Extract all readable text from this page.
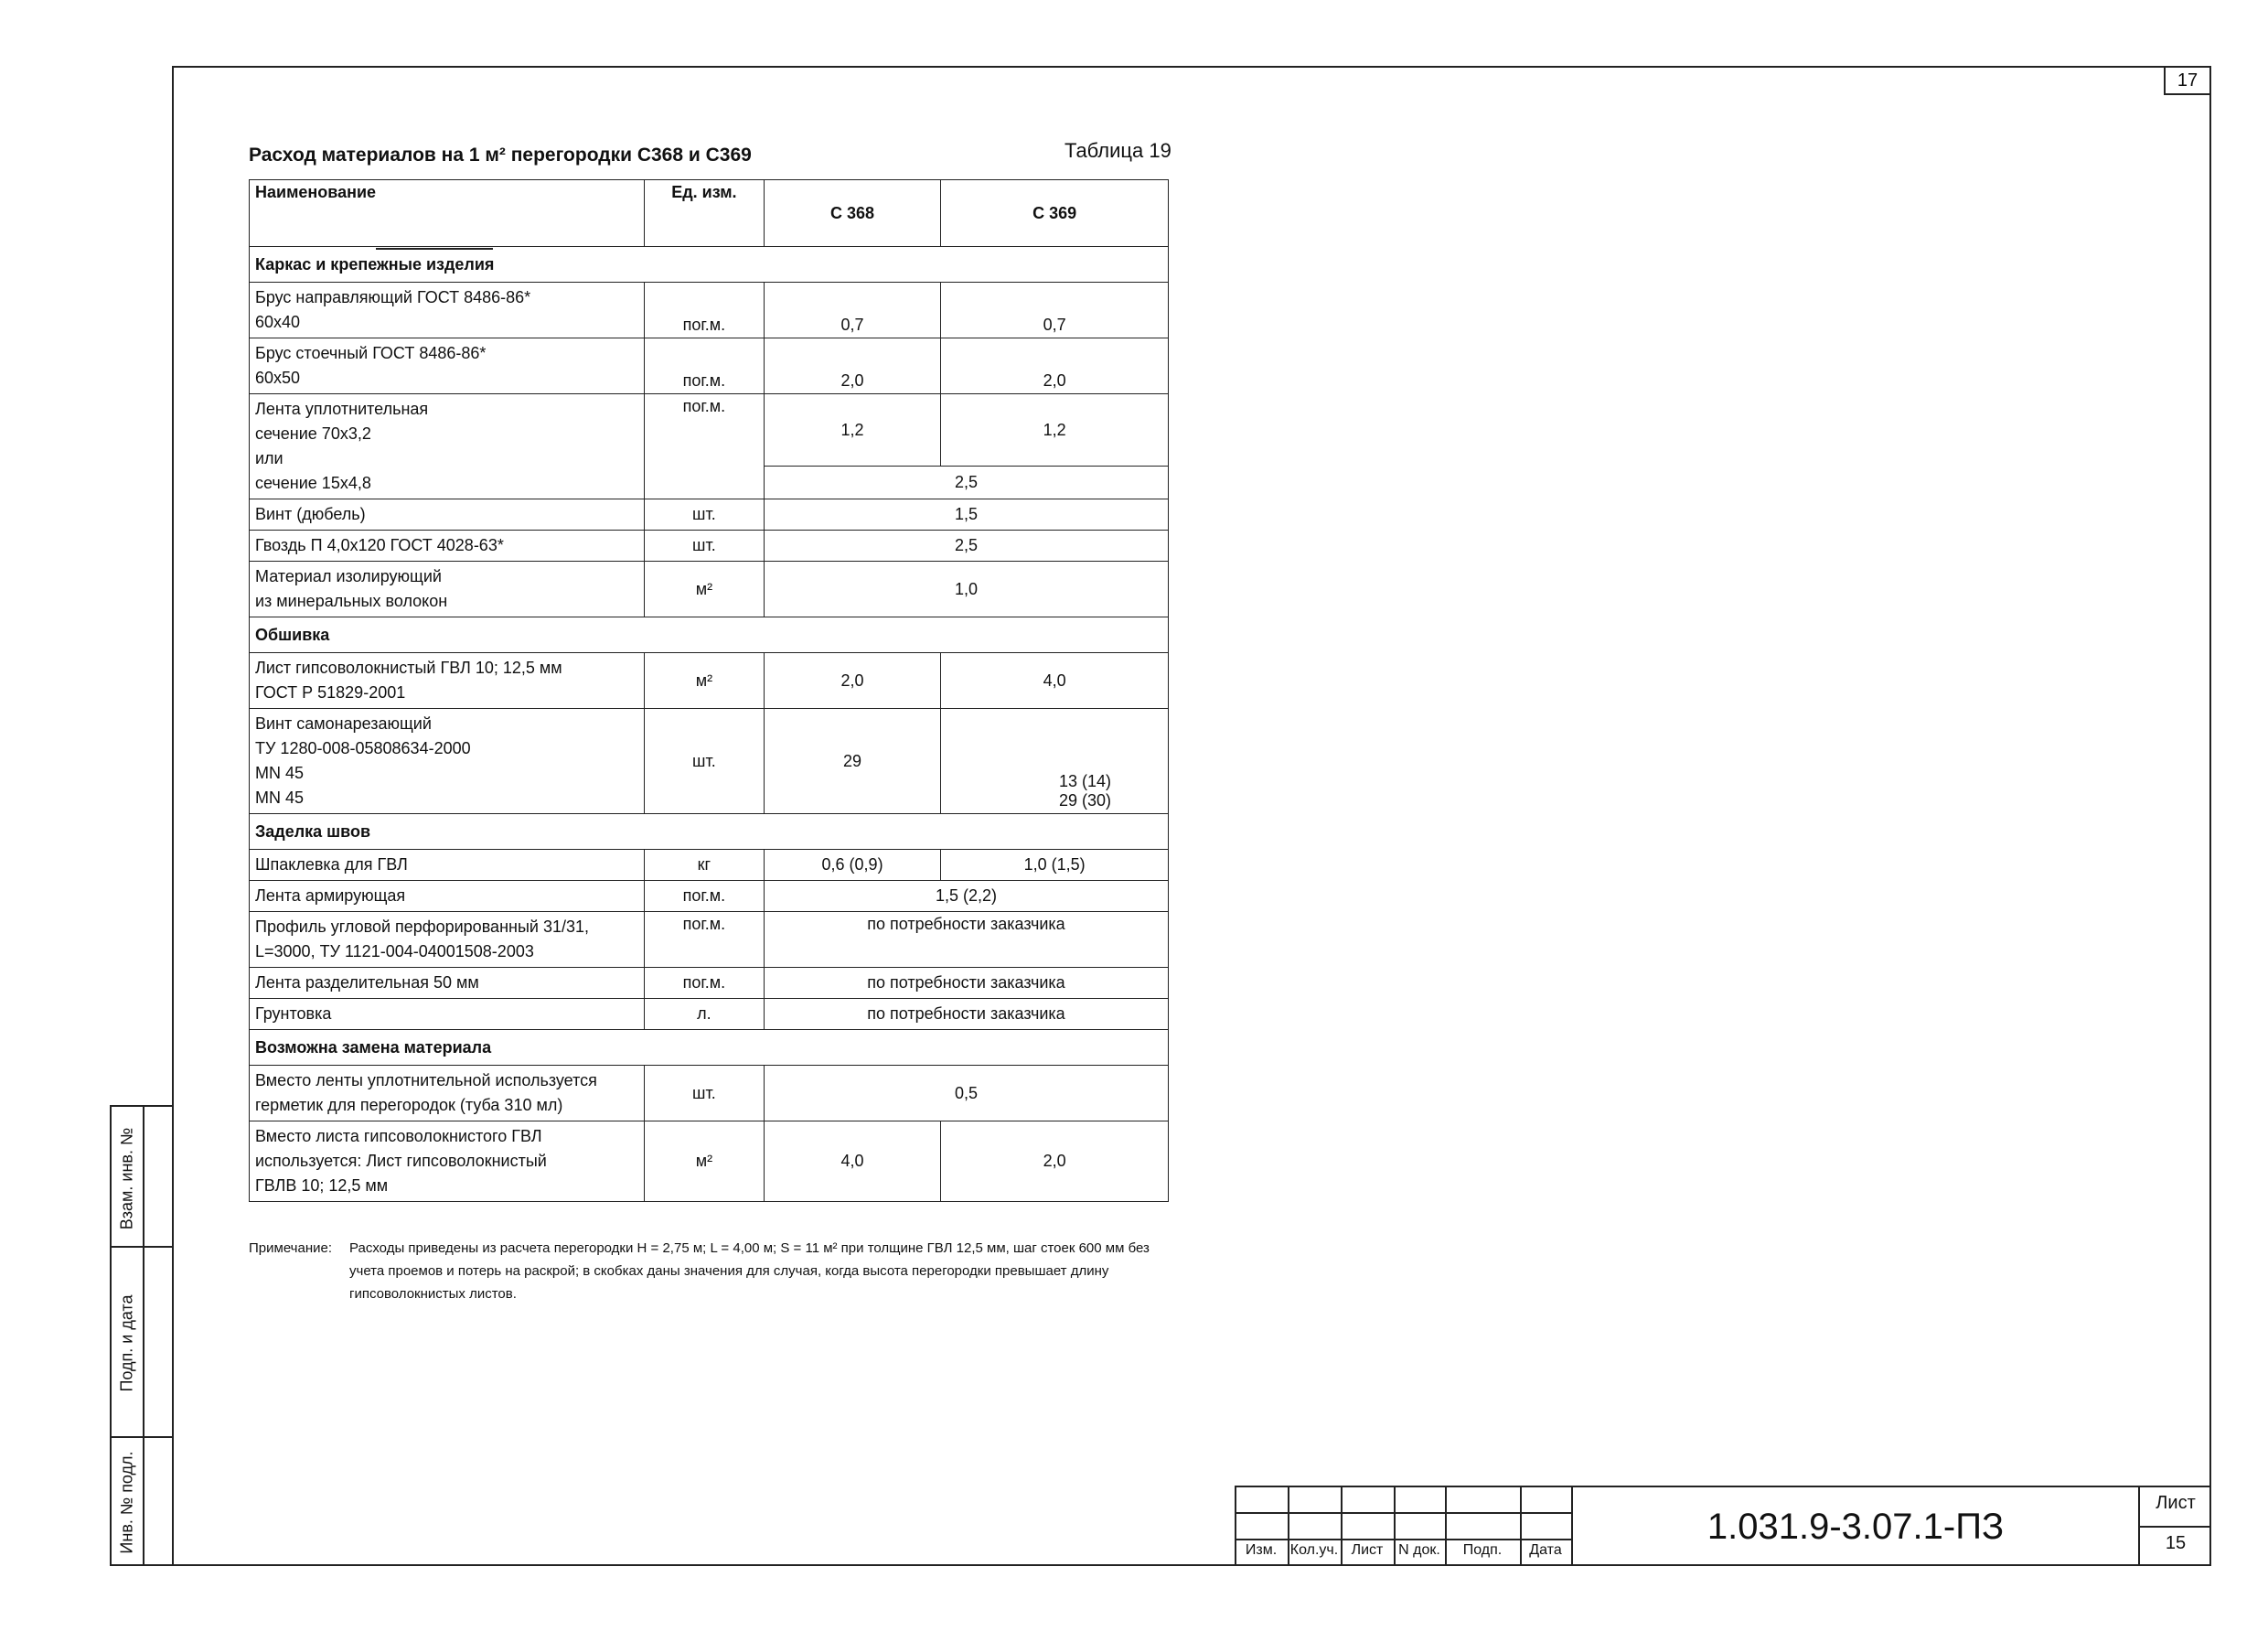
17
Взам. инв. №
Подп. и дата
Инв. № подл.
Расход материалов на 1 м² перегородки С368 и С369	Таблица 19
Наименование	Ед. изм.	С 368	С 369
Каркас и крепежные изделия			
Брус направляющий ГОСТ 8486-86*
60х40	пог.м.	0,7	0,7
Брус стоечный ГОСТ 8486-86*
60х50	пог.м.	2,0	2,0
Лента уплотнительная
сечение 70х3,2
или
сечение 15х4,8	пог.м.	1,2	1,2
		2,5	
Винт (дюбель)	шт.	1,5	
Гвоздь П 4,0х120 ГОСТ 4028-63*	шт.	2,5	
Материал изолирующий
из минеральных волокон	м²	1,0	
Обшивка			
Лист гипсоволокнистый ГВЛ 10; 12,5 мм
ГОСТ Р 51829-2001	м²	2,0	4,0
Винт самонарезающий
ТУ 1280-008-05808634-2000
MN 45
MN 45	шт.	29	13 (14)
29 (30)
Заделка швов			
Шпаклевка для ГВЛ	кг	0,6 (0,9)	1,0 (1,5)
Лента армирующая	пог.м.	1,5 (2,2)	
Профиль угловой перфорированный 31/31,
L=3000, ТУ 1121-004-04001508-2003	пог.м.	по потребности заказчика	
Лента разделительная 50 мм	пог.м.	по потребности заказчика	
Грунтовка	л.	по потребности заказчика	
Возможна замена материала			
Вместо ленты уплотнительной используется
герметик для перегородок (туба 310 мл)	шт.	0,5	
Вместо листа гипсоволокнистого ГВЛ
используется: Лист гипсоволокнистый
ГВЛВ 10; 12,5 мм	м²	4,0	2,0
Примечание: Расходы приведены из расчета перегородки Н = 2,75 м; L = 4,00 м; S = 11 м² при толщине ГВЛ 12,5 мм, шаг стоек 600 мм без учета проемов и потерь на раскрой; в скобках даны значения для случая, когда высота перегородки превышает длину гипсоволокнистых листов.
Изм. Кол.уч. Лист	N док.	Подп.	Дата
1.031.9-3.07.1-ПЗ
Лист
15
